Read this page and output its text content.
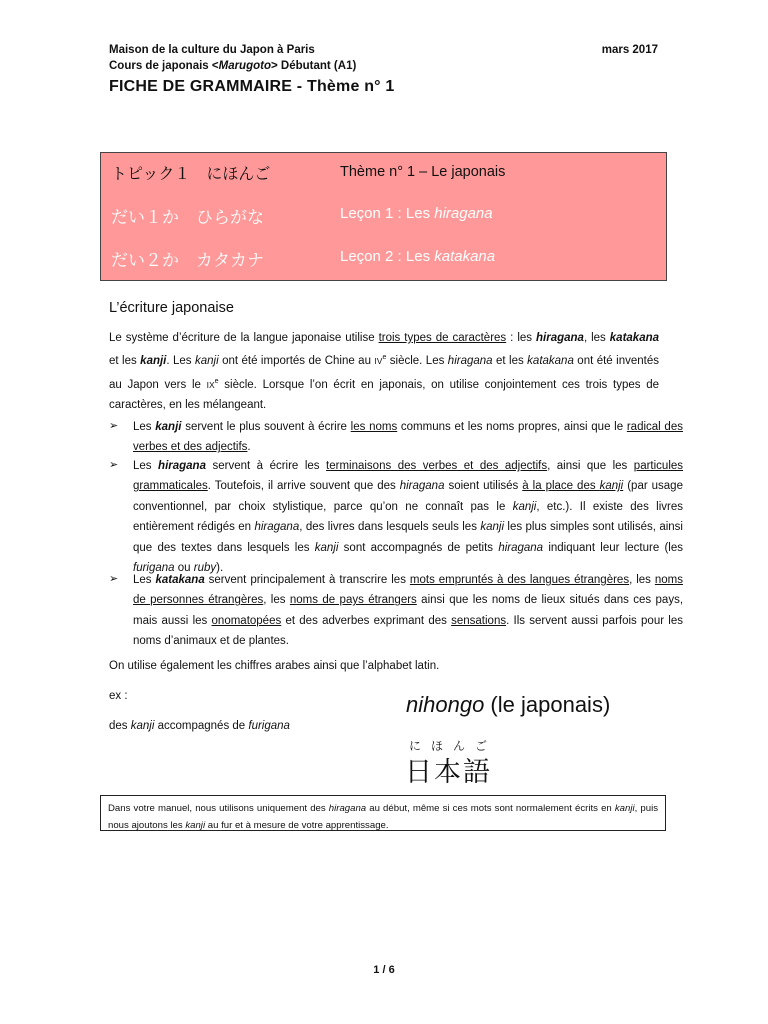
Maison de la culture du Japon à Paris
Cours de japonais <Marugoto> Débutant (A1)
mars 2017
FICHE DE GRAMMAIRE - Thème n° 1
トピック１　にほんご	Thème n° 1 – Le japonais
だい１か　ひらがな	Leçon 1 : Les hiragana
だい２か　カタカナ	Leçon 2 : Les katakana
L’écriture japonaise

Le système d’écriture de la langue japonaise utilise trois types de caractères : les hiragana, les katakana et les kanji. Les kanji ont été importés de Chine au IVe siècle. Les hiragana et les katakana ont été inventés au Japon vers le IXe siècle. Lorsque l’on écrit en japonais, on utilise conjointement ces trois types de caractères, en les mélangeant.

➢ Les kanji servent le plus souvent à écrire les noms communs et les noms propres, ainsi que le radical des verbes et des adjectifs.

➢ Les hiragana servent à écrire les terminaisons des verbes et des adjectifs, ainsi que les particules grammaticales. Toutefois, il arrive souvent que des hiragana soient utilisés à la place des kanji (par usage conventionnel, par choix stylistique, parce qu’on ne connaît pas le kanji, etc.). Il existe des livres entièrement rédigés en hiragana, des livres dans lesquels seuls les kanji les plus simples sont utilisés, ainsi que des textes dans lesquels les kanji sont accompagnés de petits hiragana indiquant leur lecture (les furigana ou ruby).

➢ Les katakana servent principalement à transcrire les mots empruntés à des langues étrangères, les noms de personnes étrangères, les noms de pays étrangers ainsi que les noms de lieux situés dans ces pays, mais aussi les onomatopées et des adverbes exprimant des sensations. Ils servent aussi parfois pour les noms d’animaux et de plantes.

On utilise également les chiffres arabes ainsi que l’alphabet latin.

ex :
des kanji accompagnés de furigana
nihongo (le japonais)
にほんご
日本語
Dans votre manuel, nous utilisons uniquement des hiragana au début, même si ces mots sont normalement écrits en kanji, puis nous ajoutons les kanji au fur et à mesure de votre apprentissage.
1 / 6
